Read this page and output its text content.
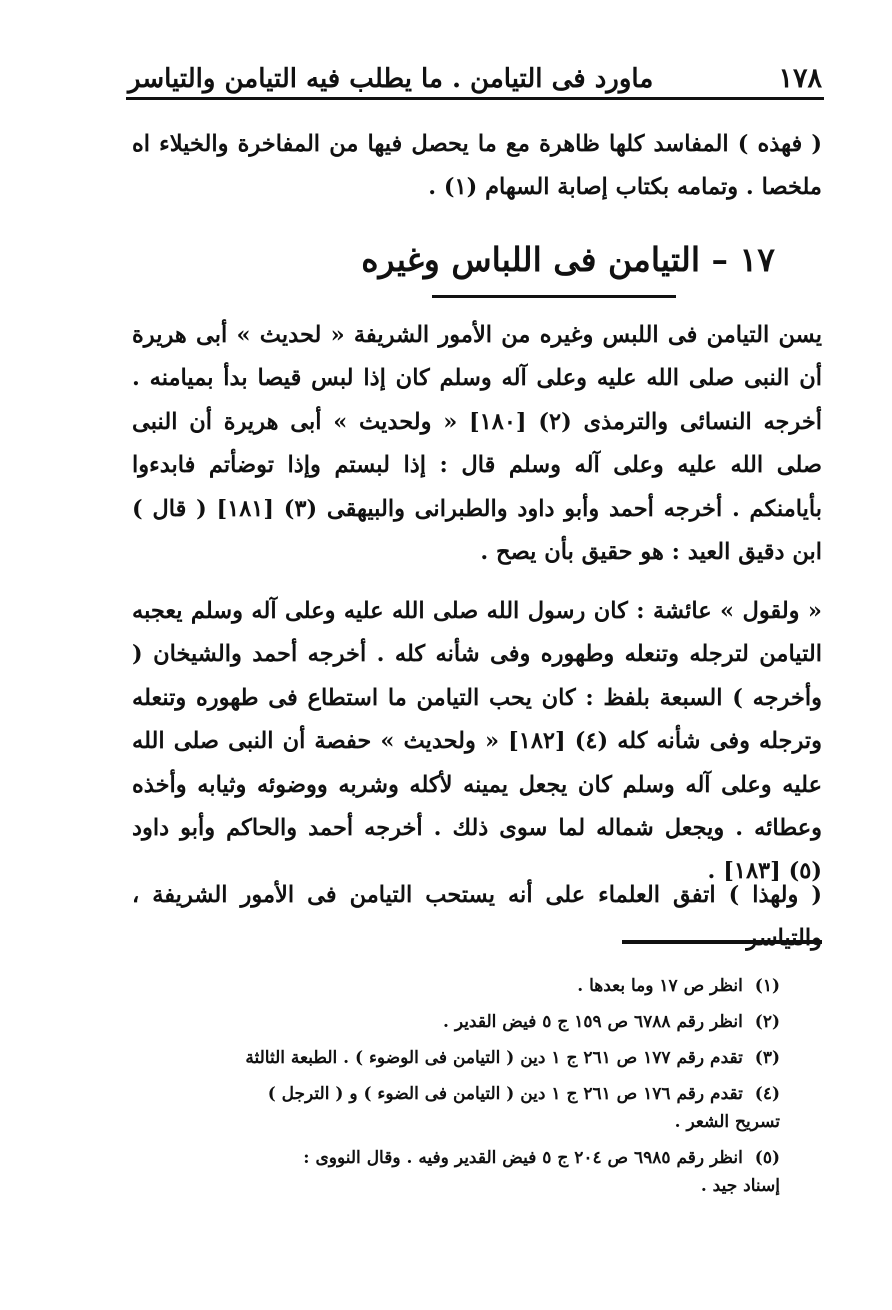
١٧٨
ماورد فى التيامن . ما يطلب فيه التيامن والتياسر
( فهذه ) المفاسد كلها ظاهرة مع ما يحصل فيها من المفاخرة والخيلاء اه ملخصا . وتمامه بكتاب إصابة السهام (١) .
١٧ – التيامن فى اللباس وغيره
يسن التيامن فى اللبس وغيره من الأمور الشريفة « لحديث » أبى هريرة أن النبى صلى الله عليه وعلى آله وسلم كان إذا لبس قيصا بدأ بميامنه . أخرجه النسائى والترمذى (٢) [١٨٠] « ولحديث » أبى هريرة أن النبى صلى الله عليه وعلى آله وسلم قال : إذا لبستم وإذا توضأتم فابدءوا بأيامنكم . أخرجه أحمد وأبو داود والطبرانى والبيهقى (٣) [١٨١] ( قال ) ابن دقيق العيد : هو حقيق بأن يصح .
« ولقول » عائشة : كان رسول الله صلى الله عليه وعلى آله وسلم يعجبه التيامن لترجله وتنعله وطهوره وفى شأنه كله . أخرجه أحمد والشيخان ( وأخرجه ) السبعة بلفظ : كان يحب التيامن ما استطاع فى طهوره وتنعله وترجله وفى شأنه كله (٤) [١٨٢] « ولحديث » حفصة أن النبى صلى الله عليه وعلى آله وسلم كان يجعل يمينه لأكله وشربه ووضوئه وثيابه وأخذه وعطائه . ويجعل شماله لما سوى ذلك . أخرجه أحمد والحاكم وأبو داود (٥) [١٨٣] .
( ولهذا ) اتفق العلماء على أنه يستحب التيامن فى الأمور الشريفة ، والتياسر
(١) انظر ص ١٧ وما بعدها .
(٢) انظر رقم ٦٧٨٨ ص ١٥٩ ج ٥ فيض القدير .
(٣) تقدم رقم ١٧٧ ص ٢٦١ ج ١ دين ( التيامن فى الوضوء ) . الطبعة الثالثة
(٤) تقدم رقم ١٧٦ ص ٢٦١ ج ١ دين ( التيامن فى الضوء ) و ( الترجل )
تسريح الشعر .
(٥) انظر رقم ٦٩٨٥ ص ٢٠٤ ج ٥ فيض القدير وفيه . وقال النووى :
إسناد جيد .
